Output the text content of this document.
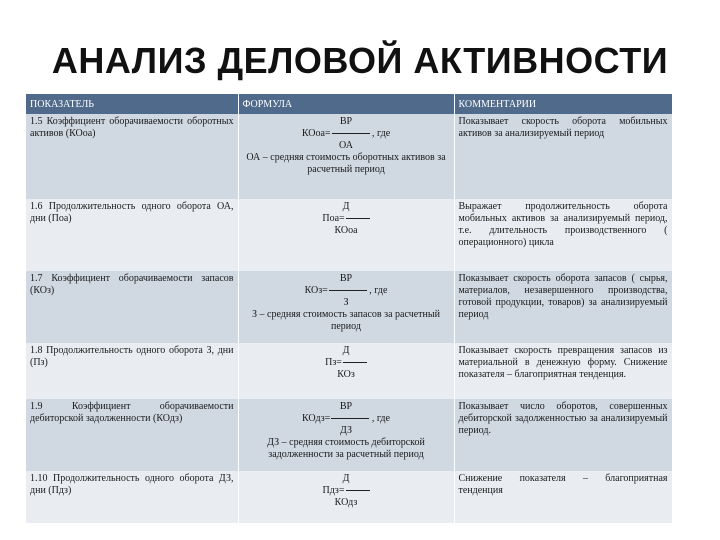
АНАЛИЗ ДЕЛОВОЙ АКТИВНОСТИ
ПОКАЗАТЕЛЬ	ФОРМУЛА	КОММЕНТАРИИ
1.5 Коэффициент оборачиваемости оборотных активов (КОоа)	ВР
КОоа= , где
ОА
ОА – средняя стоимость оборотных активов за расчетный период	Показывает скорость оборота мобильных активов за анализируемый период
1.6 Продолжительность одного оборота ОА, дни (Поа)	Д
Поа=
КОоа	Выражает продолжительность оборота мобильных активов за анализируемый период, т.е. длительность производственного ( операционного) цикла
1.7 Коэффициент оборачиваемости запасов (КОз)	ВР
КОз= , где
З
З – средняя стоимость запасов за расчетный период	Показывает скорость оборота запасов ( сырья, материалов, незавершенного производства, готовой продукции, товаров) за анализируемый период
1.8 Продолжительность одного оборота З, дни (Пз)	Д
Пз=
КОз	Показывает скорость превращения запасов из материальной в денежную форму. Снижение показателя – благоприятная тенденция.
1.9 Коэффициент оборачиваемости дебиторской задолженности (КОдз)	ВР
КОдз= , где
ДЗ
ДЗ – средняя стоимость дебиторской задолженности за расчетный период	Показывает число оборотов, совершенных дебиторской задолженностью за анализируемый период.
1.10 Продолжительность одного оборота ДЗ, дни (Пдз)	Д
Пдз=
КОдз	Снижение показателя – благоприятная тенденция
